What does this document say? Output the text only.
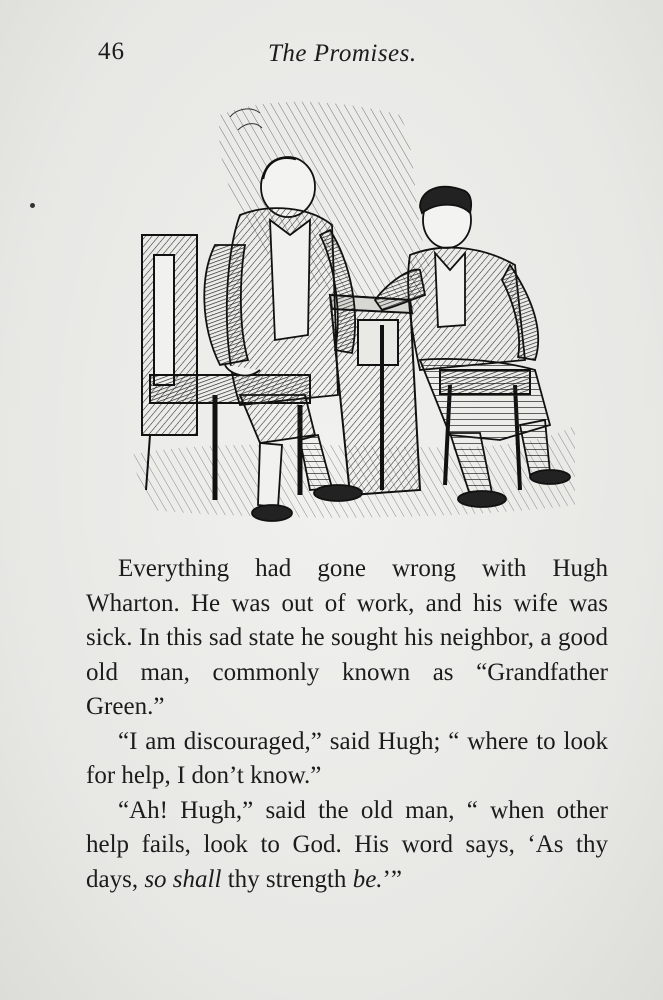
46	The Promises.

Everything had gone wrong with Hugh Wharton. He was out of work, and his wife was sick. In this sad state he sought his neighbor, a good old man, commonly known as “Grandfather Green.”

“I am discouraged,” said Hugh; “ where to look for help, I don’t know.”

“Ah! Hugh,” said the old man, “ when other help fails, look to God. His word says, ‘As thy days, so shall thy strength be.’”
